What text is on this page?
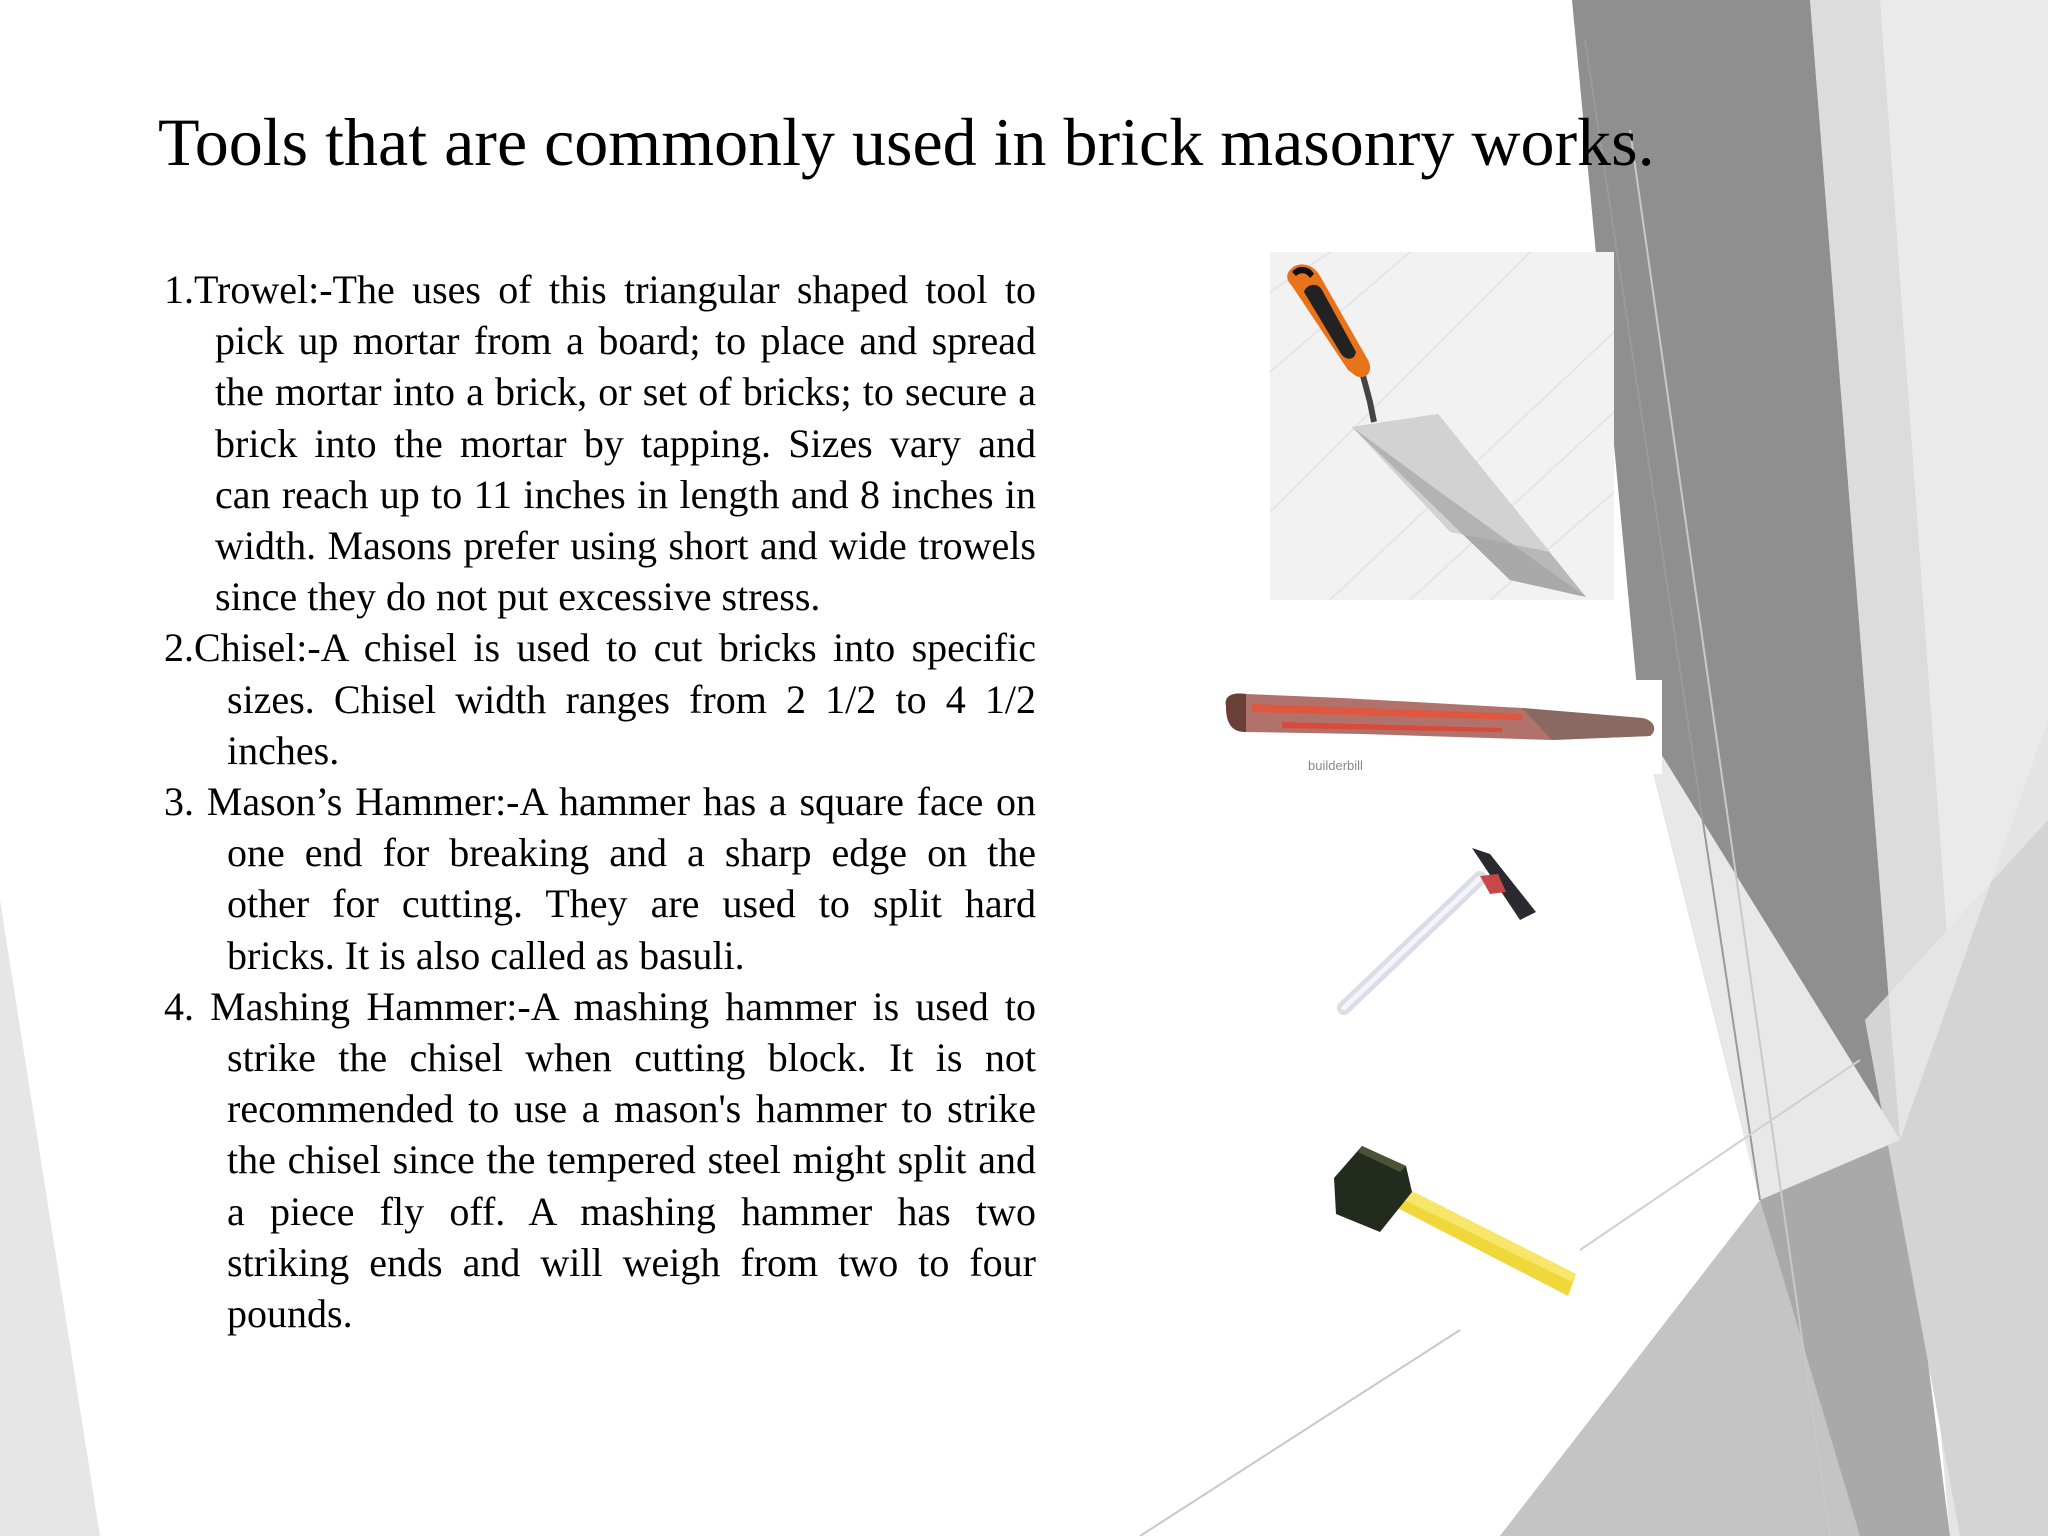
Tools that are commonly used in brick masonry works.

1.Trowel:-The uses of this triangular shaped tool to pick up mortar from a board; to place and spread the mortar into a brick, or set of bricks; to secure a brick into the mortar by tapping. Sizes vary and can reach up to 11 inches in length and 8 inches in width. Masons prefer using short and wide trowels since they do not put excessive stress.

2.Chisel:-A chisel is used to cut bricks into specific sizes. Chisel width ranges from 2 1/2 to 4 1/2 inches.

3. Mason’s Hammer:-A hammer has a square face on one end for breaking and a sharp edge on the other for cutting. They are used to split hard bricks. It is also called as basuli.

4. Mashing Hammer:-A mashing hammer is used to strike the chisel when cutting block. It is not recommended to use a mason's hammer to strike the chisel since the tempered steel might split and a piece fly off. A mashing hammer has two striking ends and will weigh from two to four pounds.

builderbill
